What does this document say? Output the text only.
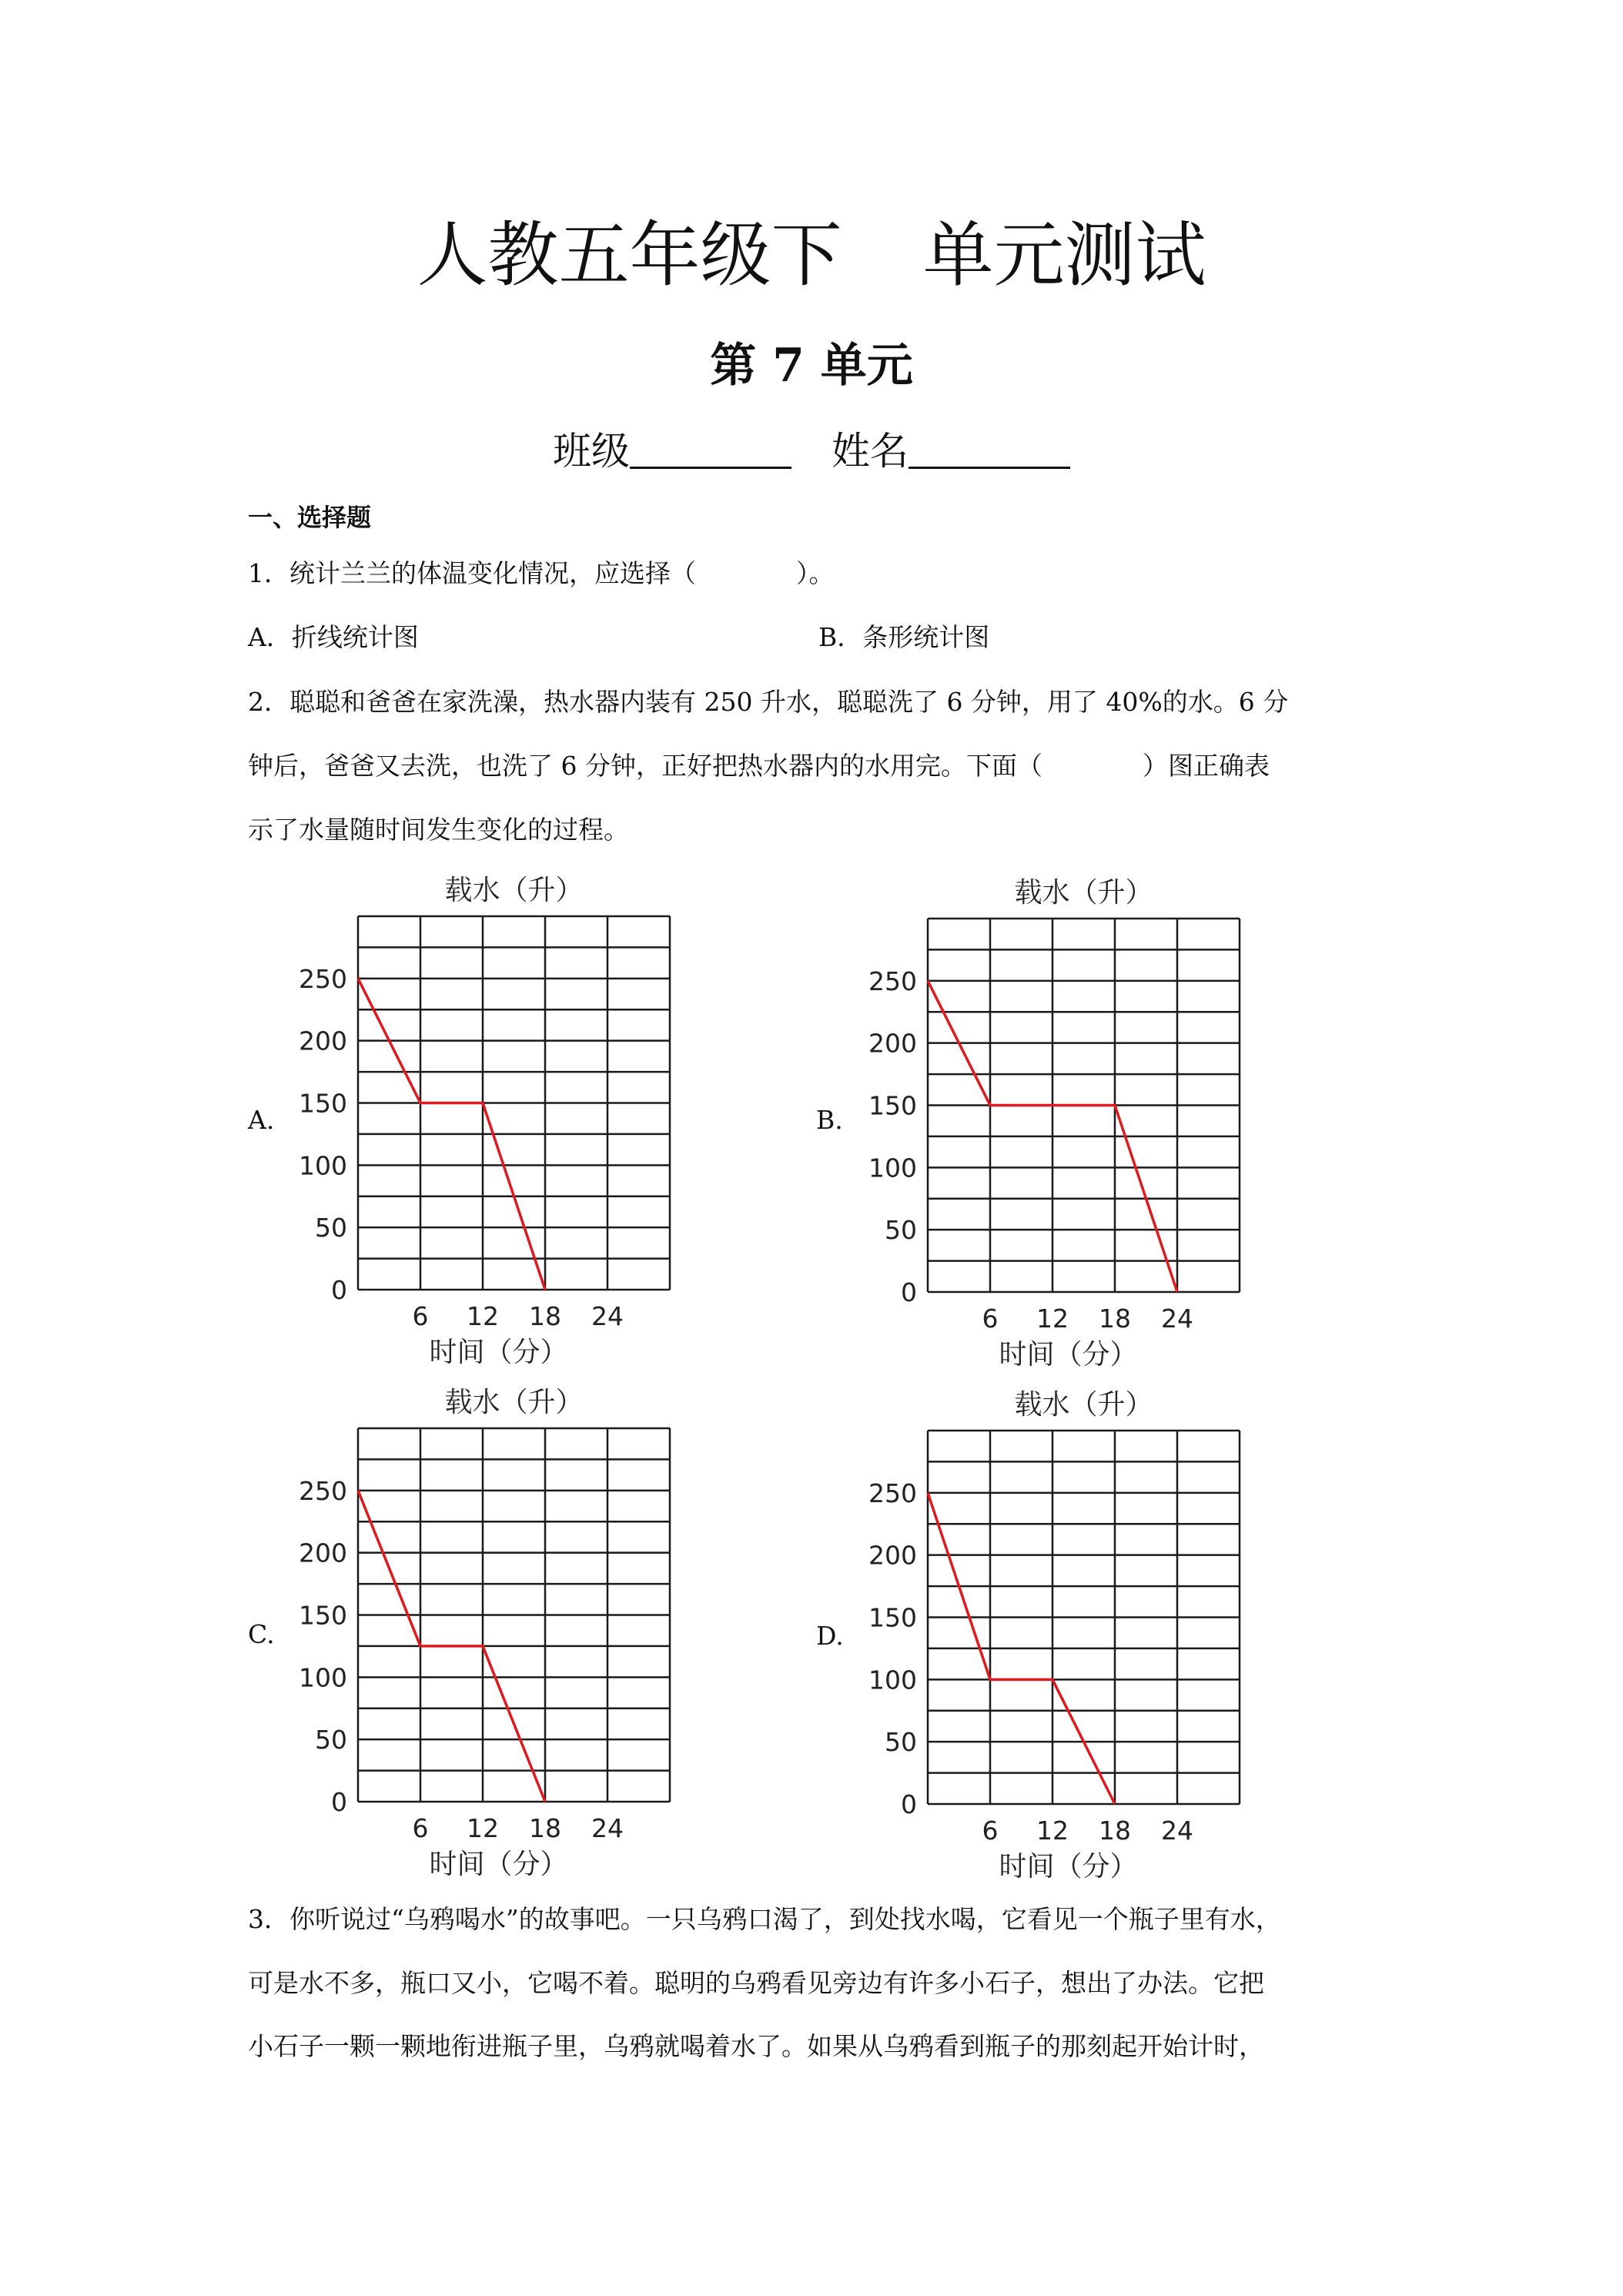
人教五年级下 单元测试
第 7 单元
班级	姓名
一、选择题
1．统计兰兰的体温变化情况，应选择（	）。
A．折线统计图	B．条形统计图
2．聪聪和爸爸在家洗澡，热水器内装有 250 升水，聪聪洗了 6 分钟，用了 40%的水。6 分
钟后，爸爸又去洗，也洗了 6 分钟，正好把热水器内的水用完。下面（	）图正确表
示了水量随时间发生变化的过程。
A.	B.
C.	D.
载水（升）
0
50
100
150
200
250
6 12 18 24
时间（分）
载水（升）
0
50
100
150
200
250
6 12 18 24
时间（分）
载水（升）
0
50
100
150
200
250
6 12 18 24
时间（分）
载水（升）
0
50
100
150
200
250
6 12 18 24
时间（分）
3．你听说过“乌鸦喝水”的故事吧。一只乌鸦口渴了，到处找水喝，它看见一个瓶子里有水，
可是水不多，瓶口又小，它喝不着。聪明的乌鸦看见旁边有许多小石子，想出了办法。它把
小石子一颗一颗地衔进瓶子里，乌鸦就喝着水了。如果从乌鸦看到瓶子的那刻起开始计时，
